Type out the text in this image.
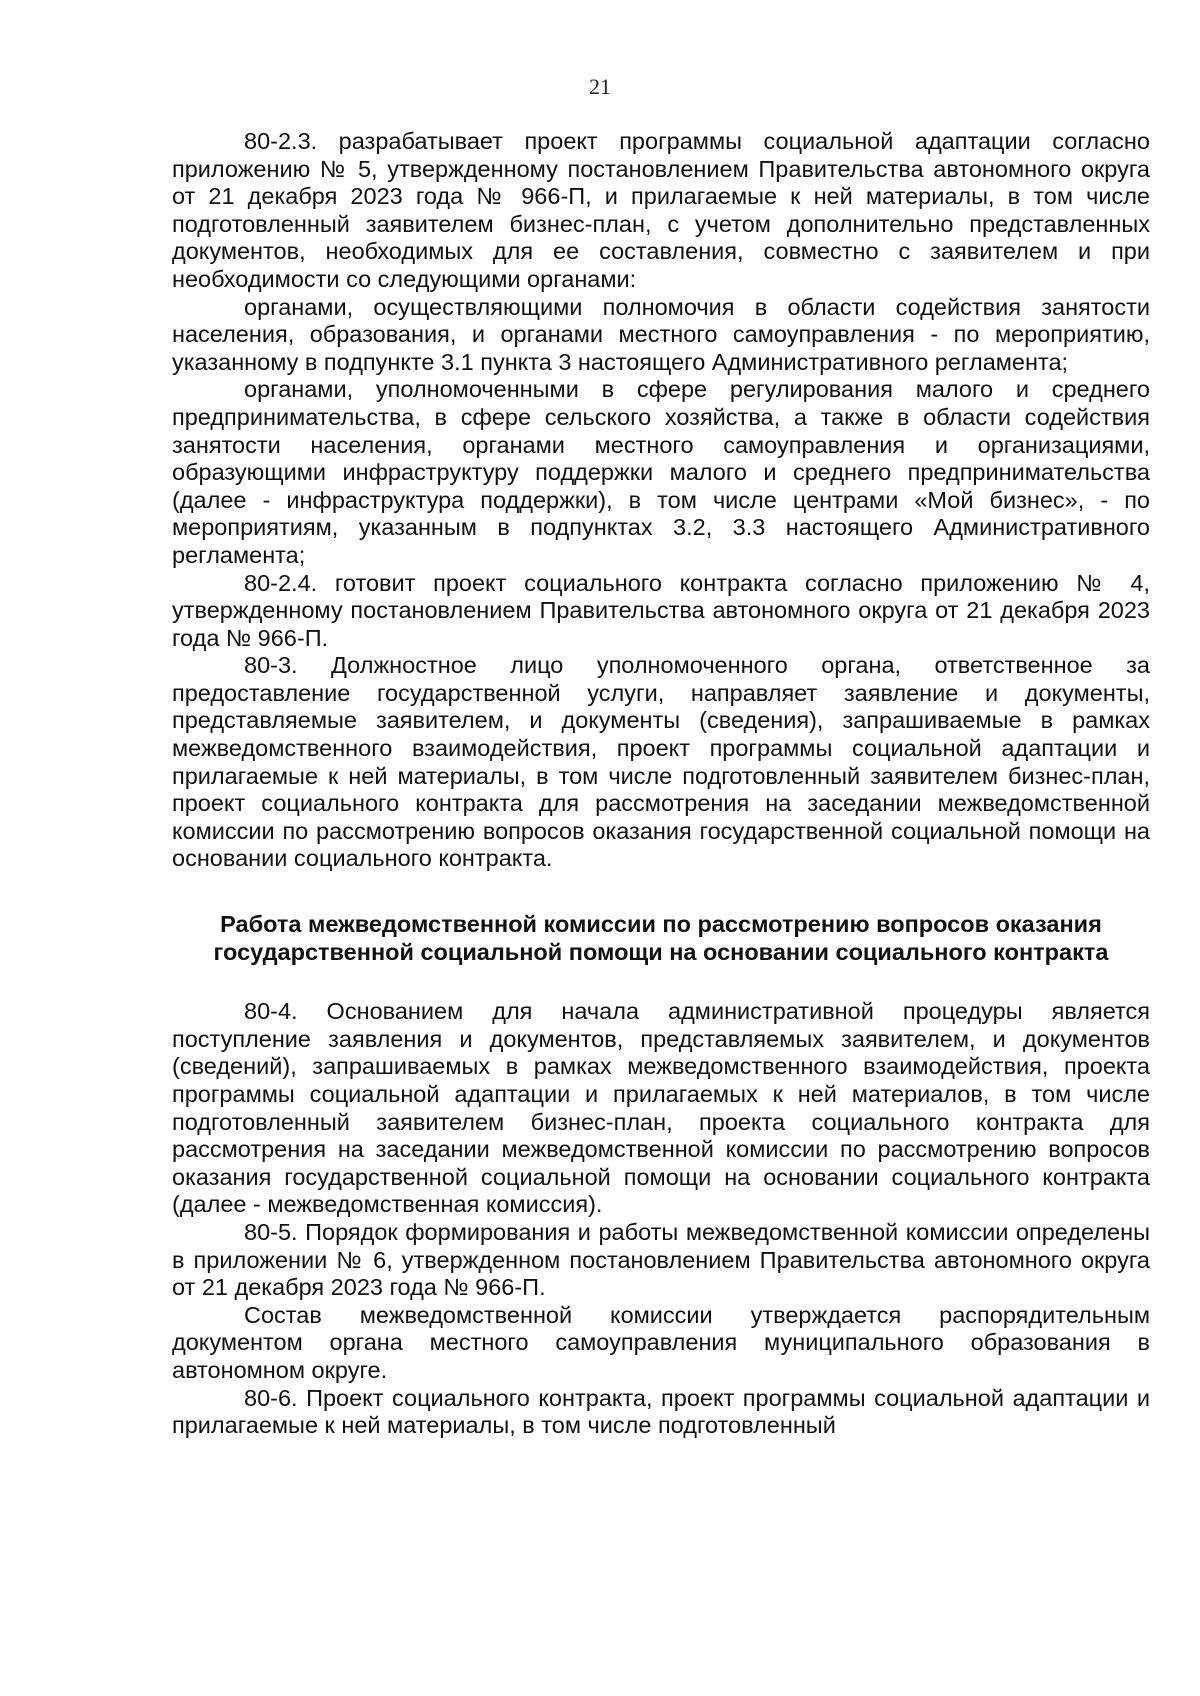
21

80-2.3. разрабатывает проект программы социальной адаптации согласно приложению № 5, утвержденному постановлением Правительства автономного округа от 21 декабря 2023 года № 966-П, и прилагаемые к ней материалы, в том числе подготовленный заявителем бизнес-план, с учетом дополнительно представленных документов, необходимых для ее составления, совместно с заявителем и при необходимости со следующими органами:

органами, осуществляющими полномочия в области содействия занятости населения, образования, и органами местного самоуправления - по мероприятию, указанному в подпункте 3.1 пункта 3 настоящего Административного регламента;

органами, уполномоченными в сфере регулирования малого и среднего предпринимательства, в сфере сельского хозяйства, а также в области содействия занятости населения, органами местного самоуправления и организациями, образующими инфраструктуру поддержки малого и среднего предпринимательства (далее - инфраструктура поддержки), в том числе центрами «Мой бизнес», - по мероприятиям, указанным в подпунктах 3.2, 3.3 настоящего Административного регламента;

80-2.4. готовит проект социального контракта согласно приложению № 4, утвержденному постановлением Правительства автономного округа от 21 декабря 2023 года № 966-П.

80-3. Должностное лицо уполномоченного органа, ответственное за предоставление государственной услуги, направляет заявление и документы, представляемые заявителем, и документы (сведения), запрашиваемые в рамках межведомственного взаимодействия, проект программы социальной адаптации и прилагаемые к ней материалы, в том числе подготовленный заявителем бизнес-план, проект социального контракта для рассмотрения на заседании межведомственной комиссии по рассмотрению вопросов оказания государственной социальной помощи на основании социального контракта.

Работа межведомственной комиссии по рассмотрению вопросов оказания государственной социальной помощи на основании социального контракта

80-4. Основанием для начала административной процедуры является поступление заявления и документов, представляемых заявителем, и документов (сведений), запрашиваемых в рамках межведомственного взаимодействия, проекта программы социальной адаптации и прилагаемых к ней материалов, в том числе подготовленный заявителем бизнес-план, проекта социального контракта для рассмотрения на заседании межведомственной комиссии по рассмотрению вопросов оказания государственной социальной помощи на основании социального контракта (далее - межведомственная комиссия).

80-5. Порядок формирования и работы межведомственной комиссии определены в приложении № 6, утвержденном постановлением Правительства автономного округа от 21 декабря 2023 года № 966-П.

Состав межведомственной комиссии утверждается распорядительным документом органа местного самоуправления муниципального образования в автономном округе.

80-6. Проект социального контракта, проект программы социальной адаптации и прилагаемые к ней материалы, в том числе подготовленный
